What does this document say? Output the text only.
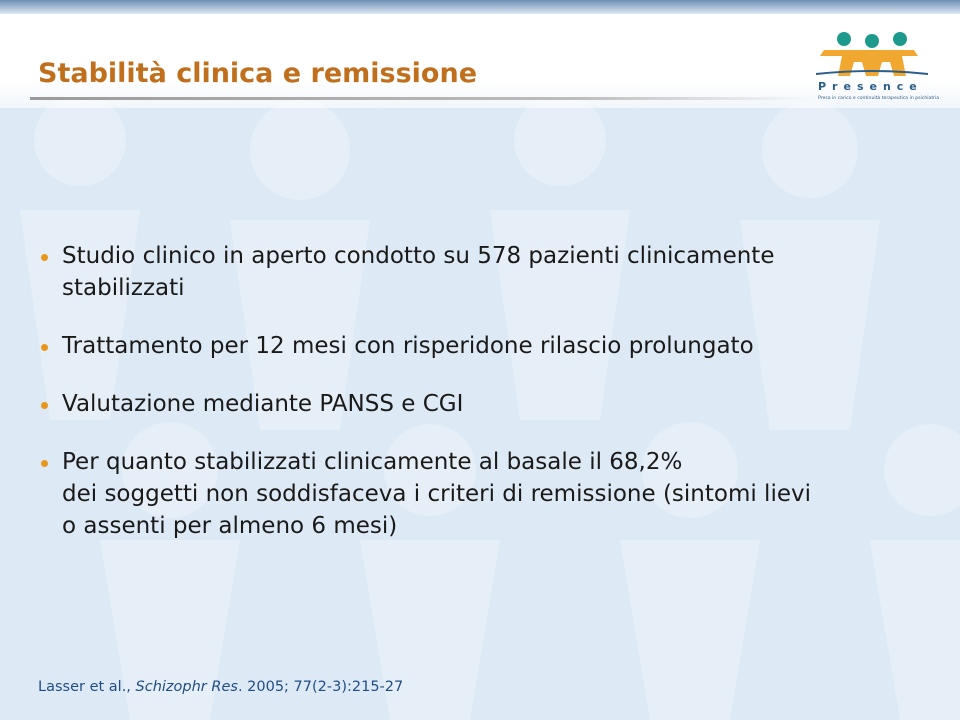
Stabilità clinica e remissione	Presence

Presa in carico e continuità terapeutica in psichiatria

Studio clinico in aperto condotto su 578 pazienti clinicamente
stabilizzati
Trattamento per 12 mesi con risperidone rilascio prolungato
Valutazione mediante PANSS e CGI
Per quanto stabilizzati clinicamente al basale il 68,2%
dei soggetti non soddisfaceva i criteri di remissione (sintomi lievi
o assenti per almeno 6 mesi)

Lasser et al., Schizophr Res. 2005; 77(2-3):215-27
